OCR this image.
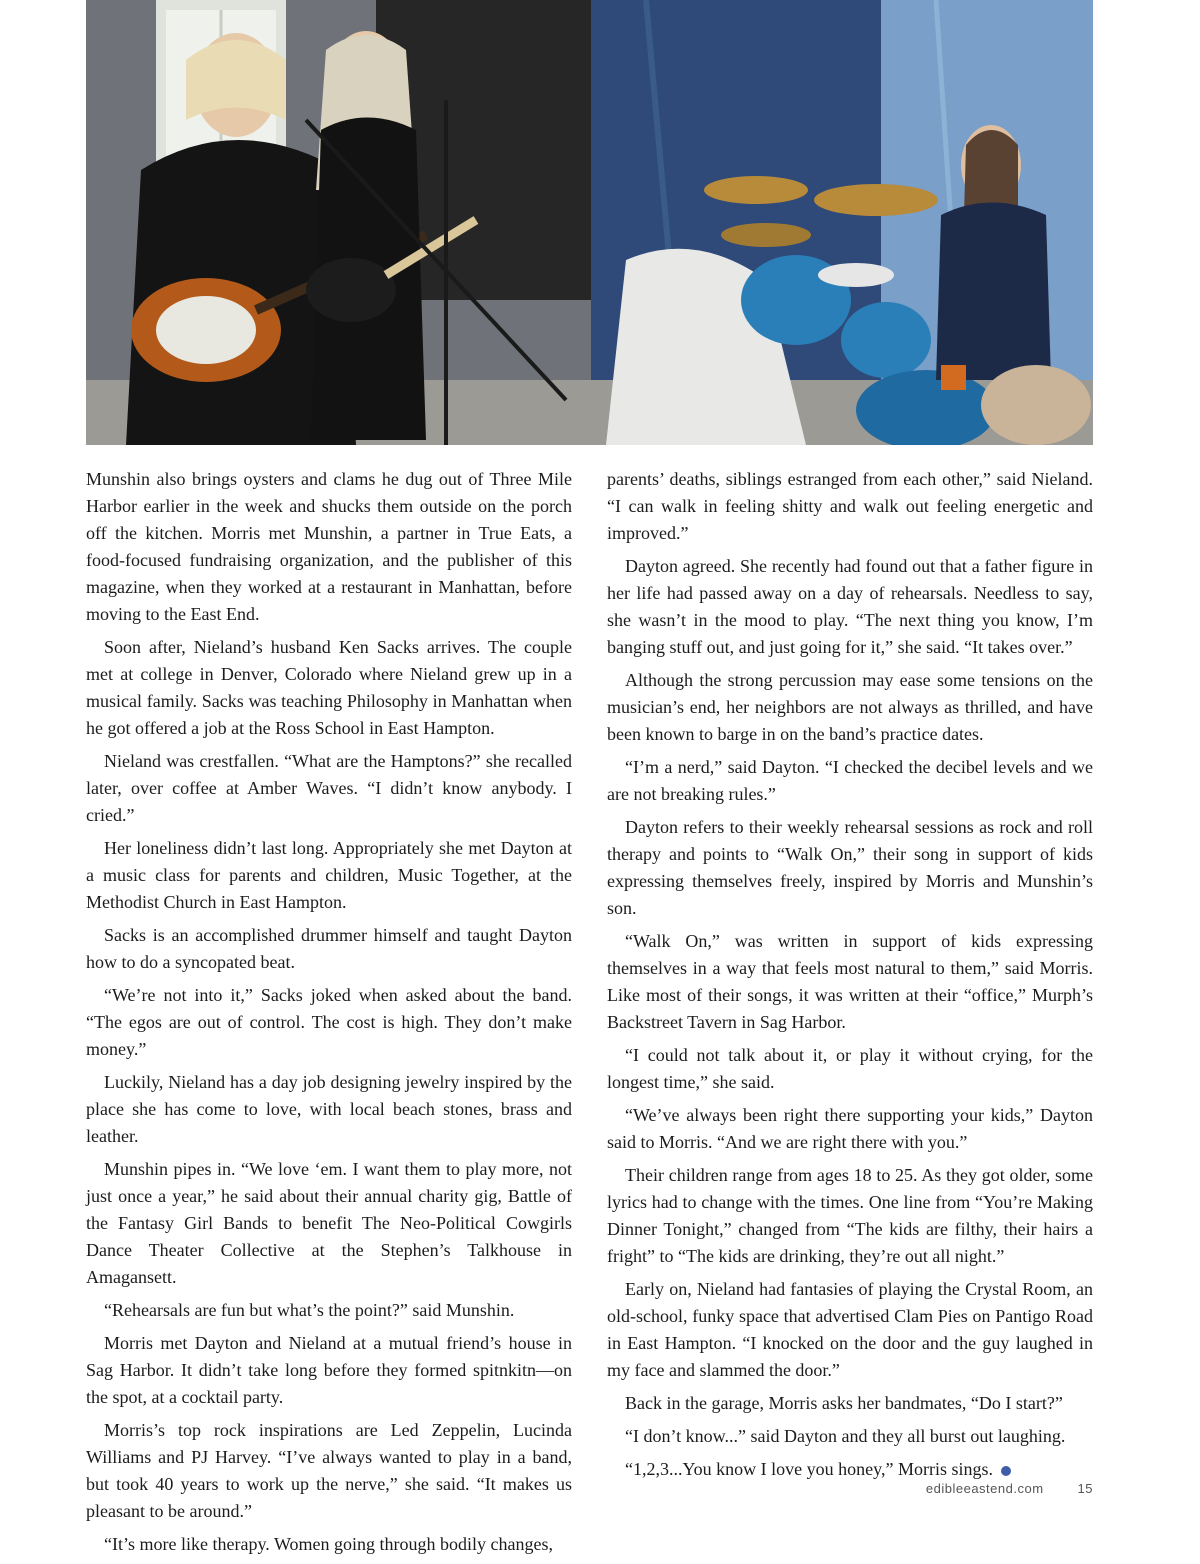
Munshin also brings oysters and clams he dug out of Three Mile Harbor earlier in the week and shucks them outside on the porch off the kitchen. Morris met Munshin, a partner in True Eats, a food-focused fundraising organization, and the publisher of this magazine, when they worked at a restaurant in Manhattan, before moving to the East End.

Soon after, Nieland’s husband Ken Sacks arrives. The couple met at college in Denver, Colorado where Nieland grew up in a musical family. Sacks was teaching Philosophy in Manhattan when he got offered a job at the Ross School in East Hampton.

Nieland was crestfallen. “What are the Hamptons?” she recalled later, over coffee at Amber Waves. “I didn’t know anybody. I cried.”

Her loneliness didn’t last long. Appropriately she met Dayton at a music class for parents and children, Music Together, at the Methodist Church in East Hampton.

Sacks is an accomplished drummer himself and taught Dayton how to do a syncopated beat.

“We’re not into it,” Sacks joked when asked about the band. “The egos are out of control. The cost is high. They don’t make money.”

Luckily, Nieland has a day job designing jewelry inspired by the place she has come to love, with local beach stones, brass and leather.

Munshin pipes in. “We love ‘em. I want them to play more, not just once a year,” he said about their annual charity gig, Battle of the Fantasy Girl Bands to benefit The Neo-Political Cowgirls Dance Theater Collective at the Stephen’s Talkhouse in Amagansett.

“Rehearsals are fun but what’s the point?” said Munshin.

Morris met Dayton and Nieland at a mutual friend’s house in Sag Harbor. It didn’t take long before they formed spitnkitn—on the spot, at a cocktail party.

Morris’s top rock inspirations are Led Zeppelin, Lucinda Williams and PJ Harvey. “I’ve always wanted to play in a band, but took 40 years to work up the nerve,” she said. “It makes us pleasant to be around.”

“It’s more like therapy. Women going through bodily changes,

parents’ deaths, siblings estranged from each other,” said Nieland. “I can walk in feeling shitty and walk out feeling energetic and improved.”

Dayton agreed. She recently had found out that a father figure in her life had passed away on a day of rehearsals. Needless to say, she wasn’t in the mood to play. “The next thing you know, I’m banging stuff out, and just going for it,” she said. “It takes over.”

Although the strong percussion may ease some tensions on the musician’s end, her neighbors are not always as thrilled, and have been known to barge in on the band’s practice dates.

“I’m a nerd,” said Dayton. “I checked the decibel levels and we are not breaking rules.”

Dayton refers to their weekly rehearsal sessions as rock and roll therapy and points to “Walk On,” their song in support of kids expressing themselves freely, inspired by Morris and Munshin’s son.

“Walk On,” was written in support of kids expressing themselves in a way that feels most natural to them,” said Morris. Like most of their songs, it was written at their “office,” Murph’s Backstreet Tavern in Sag Harbor.

“I could not talk about it, or play it without crying, for the longest time,” she said.

“We’ve always been right there supporting your kids,” Dayton said to Morris. “And we are right there with you.”

Their children range from ages 18 to 25. As they got older, some lyrics had to change with the times. One line from “You’re Making Dinner Tonight,” changed from “The kids are filthy, their hairs a fright” to “The kids are drinking, they’re out all night.”

Early on, Nieland had fantasies of playing the Crystal Room, an old-school, funky space that advertised Clam Pies on Pantigo Road in East Hampton. “I knocked on the door and the guy laughed in my face and slammed the door.”

Back in the garage, Morris asks her bandmates, “Do I start?”

“I don’t know...” said Dayton and they all burst out laughing.

“1,2,3...You know I love you honey,” Morris sings.

edibleeastend.com	15
